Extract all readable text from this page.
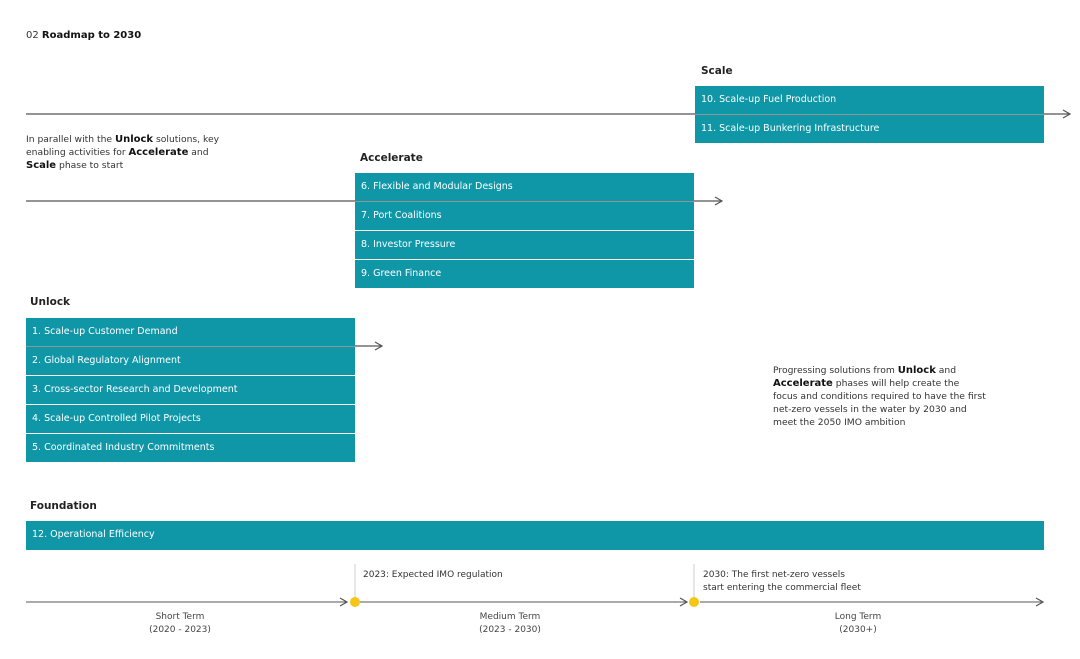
02 Roadmap to 2030
Scale
10. Scale-up Fuel Production
11. Scale-up Bunkering Infrastructure
In parallel with the Unlock solutions, key
enabling activities for Accelerate and
Scale phase to start
Accelerate
6. Flexible and Modular Designs
7. Port Coalitions
8. Investor Pressure
9. Green Finance
Unlock
1. Scale-up Customer Demand
2. Global Regulatory Alignment
3. Cross-sector Research and Development
4. Scale-up Controlled Pilot Projects
5. Coordinated Industry Commitments
Progressing solutions from Unlock and
Accelerate phases will help create the
focus and conditions required to have the first
net-zero vessels in the water by 2030 and
meet the 2050 IMO ambition
Foundation
12. Operational Efficiency
2023: Expected IMO regulation	2030: The first net-zero vessels
start entering the commercial fleet
Short Term
(2020 - 2023)
Medium Term
(2023 - 2030)
Long Term
(2030+)
